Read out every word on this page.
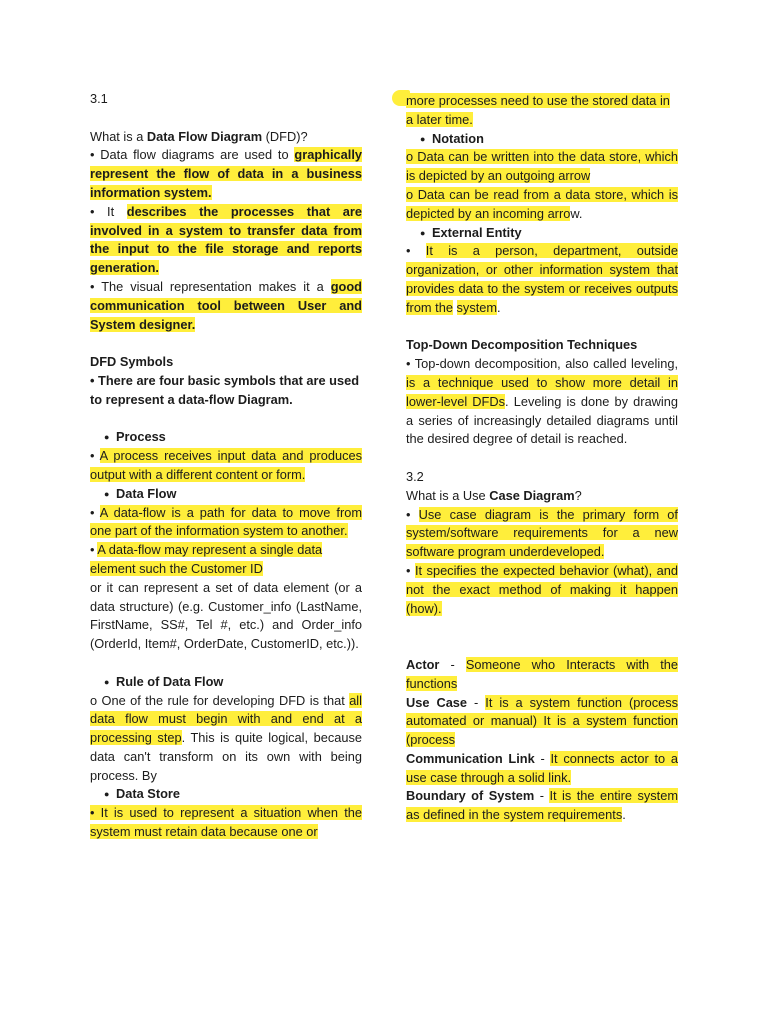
3.1

What is a Data Flow Diagram (DFD)?

• Data flow diagrams are used to graphically represent the flow of data in a business information system.

• It describes the processes that are involved in a system to transfer data from the input to the file storage and reports generation.

• The visual representation makes it a good communication tool between User and System designer.

DFD Symbols

• There are four basic symbols that are used to represent a data-flow Diagram.

● Process

• A process receives input data and produces output with a different content or form.

● Data Flow

• A data-flow is a path for data to move from one part of the information system to another.

• A data-flow may represent a single data element such the Customer ID

or it can represent a set of data element (or a data structure) (e.g. Customer_info (LastName, FirstName, SS#, Tel #, etc.) and Order_info (OrderId, Item#, OrderDate, CustomerID, etc.)).

● Rule of Data Flow

o One of the rule for developing DFD is that all data flow must begin with and end at a processing step. This is quite logical, because data can't transform on its own with being process. By

● Data Store

• It is used to represent a situation when the system must retain data because one or

more processes need to use the stored data in a later time.

● Notation

o Data can be written into the data store, which is depicted by an outgoing arrow

o Data can be read from a data store, which is depicted by an incoming arrow.

● External Entity

• It is a person, department, outside organization, or other information system that provides data to the system or receives outputs from the system.

Top-Down Decomposition Techniques

• Top-down decomposition, also called leveling, is a technique used to show more detail in lower-level DFDs. Leveling is done by drawing a series of increasingly detailed diagrams until the desired degree of detail is reached.

3.2

What is a Use Case Diagram?

• Use case diagram is the primary form of system/software requirements for a new software program underdeveloped.

• It specifies the expected behavior (what), and not the exact method of making it happen (how).

Actor - Someone who Interacts with the functions

Use Case - It is a system function (process automated or manual) It is a system function (process

Communication Link - It connects actor to a use case through a solid link.

Boundary of System - It is the entire system as defined in the system requirements.
